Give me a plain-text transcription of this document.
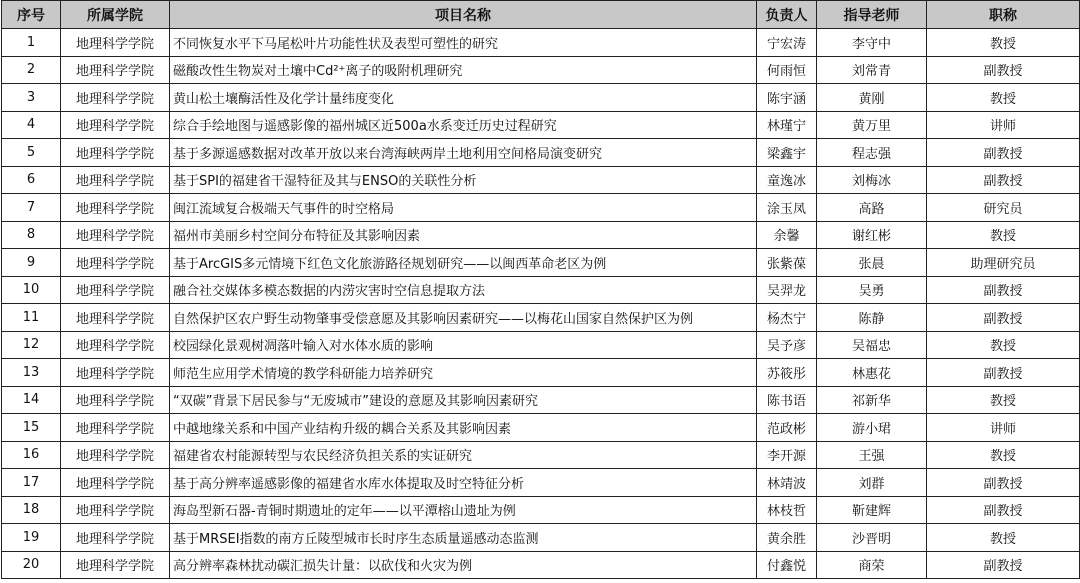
序号	所属学院	项目名称	负责人	指导老师	职称
1	地理科学学院	不同恢复水平下马尾松叶片功能性状及表型可塑性的研究	宁宏涛	李守中	教授
2	地理科学学院	磁酸改性生物炭对土壤中Cd²⁺离子的吸附机理研究	何雨恒	刘常青	副教授
3	地理科学学院	黄山松土壤酶活性及化学计量纬度变化	陈宇涵	黄刚	教授
4	地理科学学院	综合手绘地图与遥感影像的福州城区近500a水系变迁历史过程研究	林瑾宁	黄万里	讲师
5	地理科学学院	基于多源遥感数据对改革开放以来台湾海峡两岸土地利用空间格局演变研究	梁鑫宇	程志强	副教授
6	地理科学学院	基于SPI的福建省干湿特征及其与ENSO的关联性分析	童逸冰	刘梅冰	副教授
7	地理科学学院	闽江流域复合极端天气事件的时空格局	涂玉凤	高路	研究员
8	地理科学学院	福州市美丽乡村空间分布特征及其影响因素	余馨	谢红彬	教授
9	地理科学学院	基于ArcGIS多元情境下红色文化旅游路径规划研究——以闽西革命老区为例	张紫葆	张晨	助理研究员
10	地理科学学院	融合社交媒体多模态数据的内涝灾害时空信息提取方法	吴羿龙	吴勇	副教授
11	地理科学学院	自然保护区农户野生动物肇事受偿意愿及其影响因素研究——以梅花山国家自然保护区为例	杨杰宁	陈静	副教授
12	地理科学学院	校园绿化景观树凋落叶输入对水体水质的影响	吴予彦	吴福忠	教授
13	地理科学学院	师范生应用学术情境的教学科研能力培养研究	苏筱彤	林惠花	副教授
14	地理科学学院	“双碳”背景下居民参与“无废城市”建设的意愿及其影响因素研究	陈书语	祁新华	教授
15	地理科学学院	中越地缘关系和中国产业结构升级的耦合关系及其影响因素	范政彬	游小珺	讲师
16	地理科学学院	福建省农村能源转型与农民经济负担关系的实证研究	李开源	王强	教授
17	地理科学学院	基于高分辨率遥感影像的福建省水库水体提取及时空特征分析	林靖波	刘群	副教授
18	地理科学学院	海岛型新石器-青铜时期遗址的定年——以平潭榕山遗址为例	林枝哲	靳建辉	副教授
19	地理科学学院	基于MRSEI指数的南方丘陵型城市长时序生态质量遥感动态监测	黄余胜	沙晋明	教授
20	地理科学学院	高分辨率森林扰动碳汇损失计量：以砍伐和火灾为例	付鑫悦	商荣	副教授
